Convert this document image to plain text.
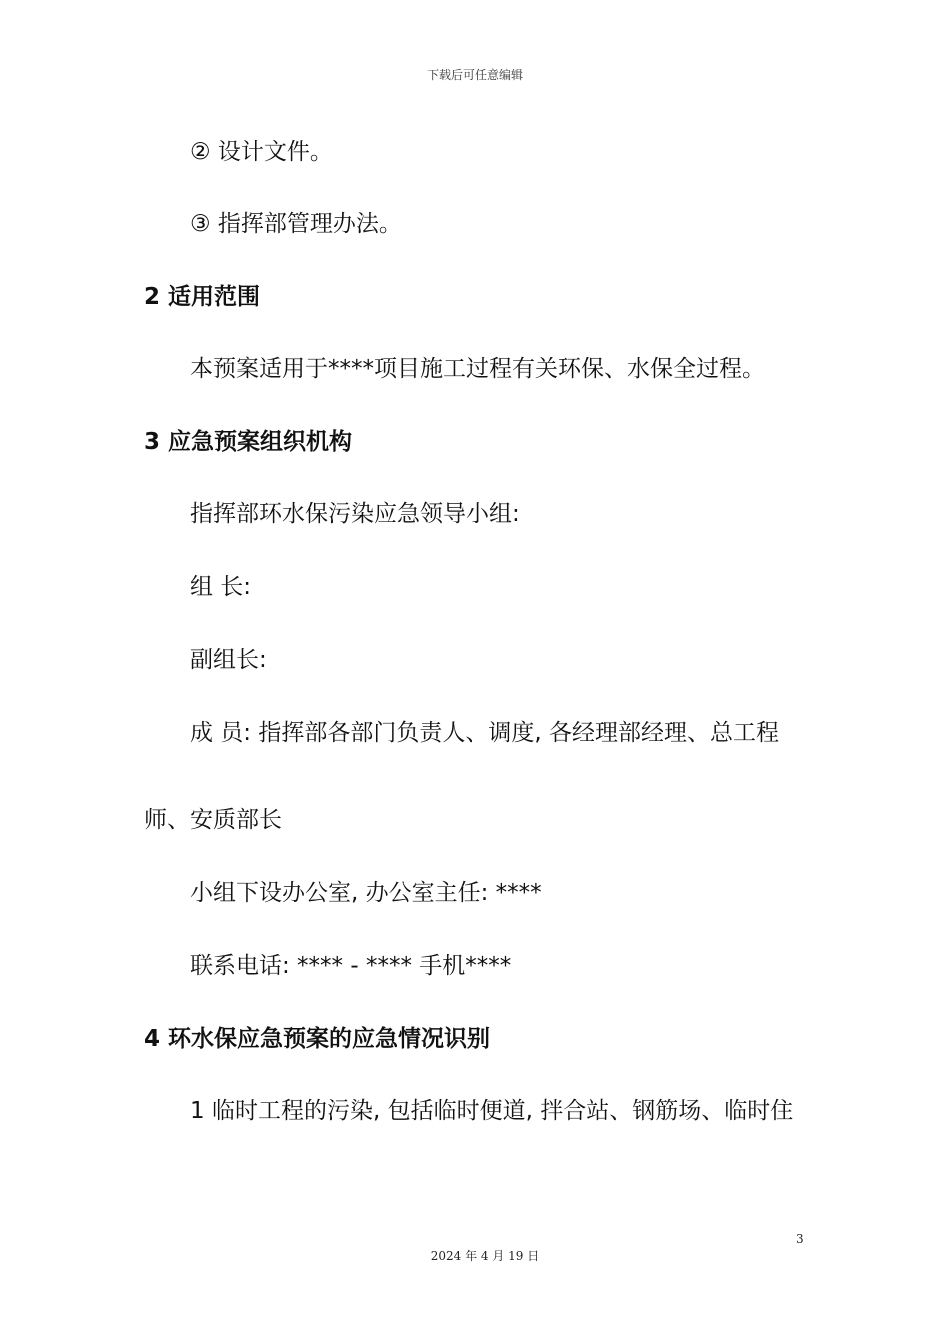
下载后可任意编辑
② 设计文件。
③ 指挥部管理办法。
2 适用范围
本预案适用于****项目施工过程有关环保、水保全过程。
3 应急预案组织机构
指挥部环水保污染应急领导小组:
组 长:
副组长:
成 员: 指挥部各部门负责人、调度, 各经理部经理、总工程
师、安质部长
小组下设办公室, 办公室主任: ****
联系电话: **** - **** 手机****
4 环水保应急预案的应急情况识别
1 临时工程的污染, 包括临时便道, 拌合站、钢筋场、临时住
3
2024 年 4 月 19 日
